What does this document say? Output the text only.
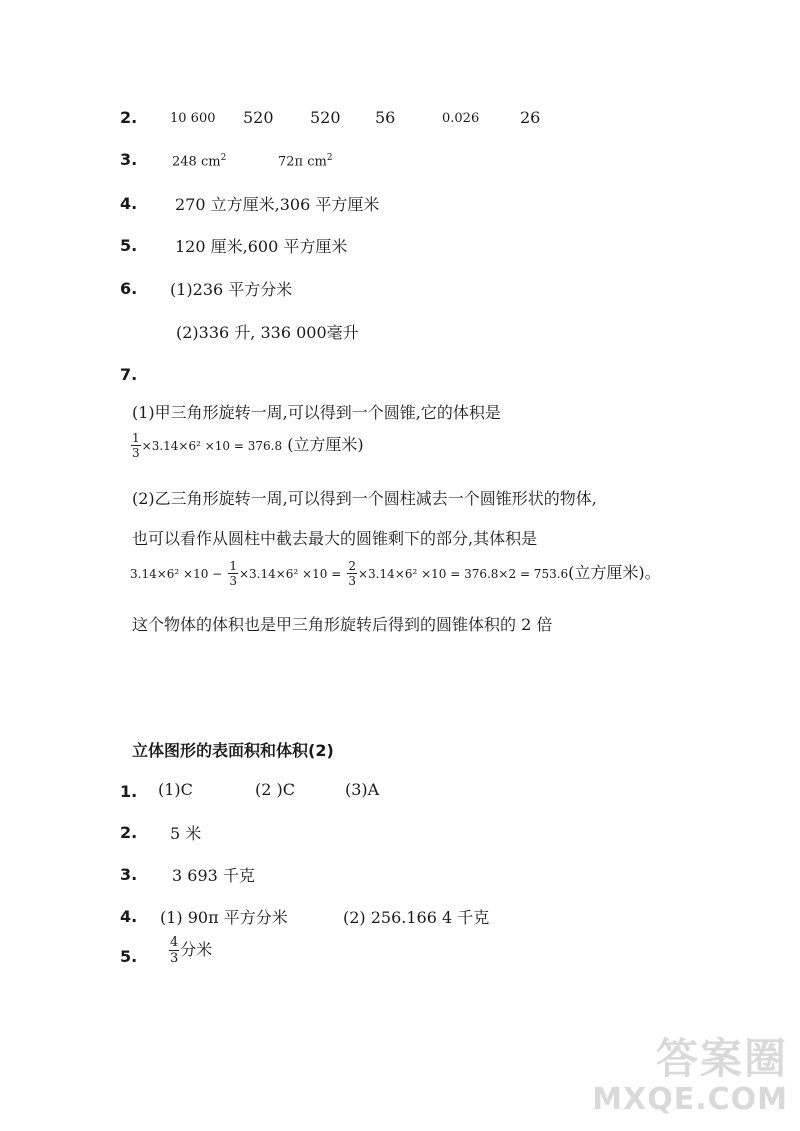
2.	10 600 520 520 56	0.026	26
3.	248 $cm^2$	72π $cm^2$
4. 270 立方厘米,306 平方厘米
5. 120 厘米,600 平方厘米
6. (1)236 平方分米
(2)336 升, 336 000毫升
7.
(1)甲三角形旋转一周,可以得到一个圆锥,它的体积是
$\frac{1}{3} \times 3.14\times 6^2 \times 10 = 376.8$ (立方厘米)
(2)乙三角形旋转一周,可以得到一个圆柱减去一个圆锥形状的物体,
也可以看作从圆柱中截去最大的圆锥剩下的部分,其体积是
$3.14\times 6^2 \times 10 - \frac{1}{3} \times 3.14\times 6^2 \times 10 = \frac{2}{3} \times 3.14\times 6^2 \times 10 = 376.8\times 2 = 753.6$(立方厘米)。
这个物体的体积也是甲三角形旋转后得到的圆锥体积的 2 倍
立体图形的表面积和体积(2)
1. (1)C	(2 )C	(3)A
2. 5 米
3. 3 693 千克
4. (1) 90π 平方分米	(2) 256.166 4 千克
5. $\frac{4}{3}$ 分米
答案圈
MXQE.COM
